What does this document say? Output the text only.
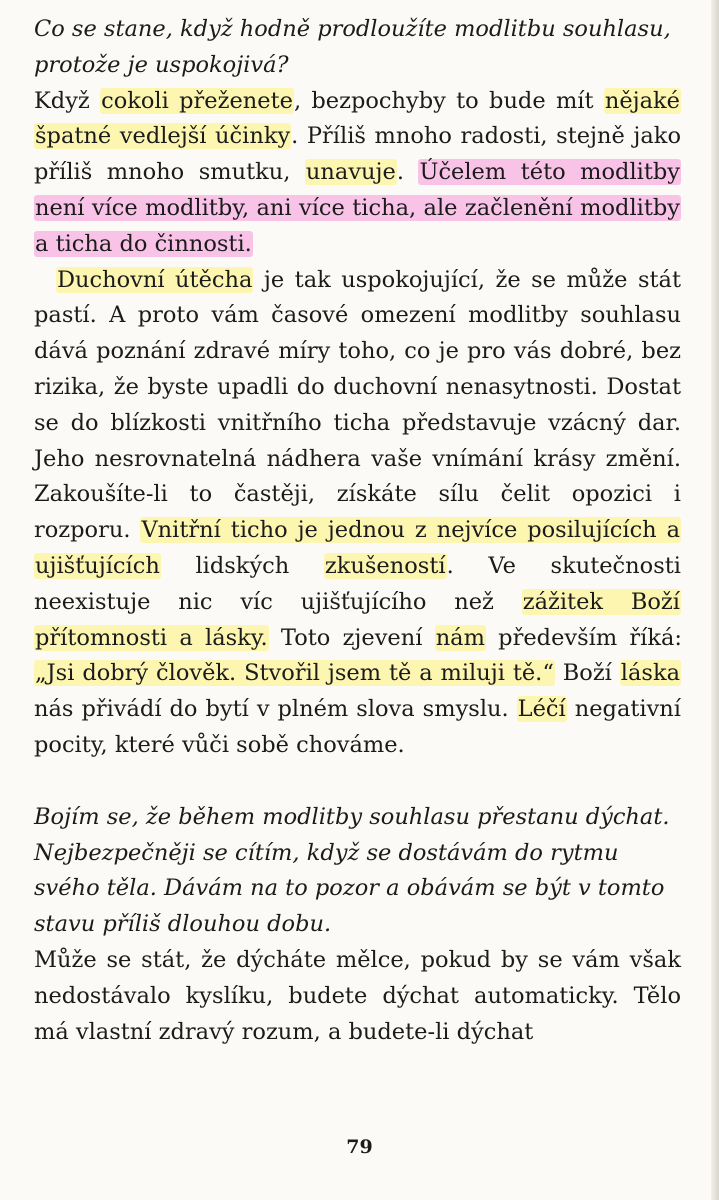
Co se stane, když hodně prodloužíte modlitbu souhlasu, protože je uspokojivá?

Když cokoli přeženete, bezpochyby to bude mít nějaké špatné vedlejší účinky. Příliš mnoho radosti, stejně jako příliš mnoho smutku, unavuje. Účelem této modlitby není více modlitby, ani více ticha, ale začlenění modlitby a ticha do činnosti.

Duchovní útěcha je tak uspokojující, že se může stát pastí. A proto vám časové omezení modlitby souhlasu dává poznání zdravé míry toho, co je pro vás dobré, bez rizika, že byste upadli do duchovní nenasytnosti. Dostat se do blízkosti vnitřního ticha představuje vzácný dar. Jeho nesrovnatelná nádhera vaše vnímání krásy změní. Zakoušíte-li to častěji, získáte sílu čelit opozici i rozporu. Vnitřní ticho je jednou z nejvíce posilujících a ujišťujících lidských zkušeností. Ve skutečnosti neexistuje nic víc ujišťujícího než zážitek Boží přítomnosti a lásky. Toto zjevení nám především říká: „Jsi dobrý člověk. Stvořil jsem tě a miluji tě.“ Boží láska nás přivádí do bytí v plném slova smyslu. Léčí negativní pocity, které vůči sobě chováme.

Bojím se, že během modlitby souhlasu přestanu dýchat. Nejbezpečněji se cítím, když se dostávám do rytmu svého těla. Dávám na to pozor a obávám se být v tomto stavu příliš dlouhou dobu.

Může se stát, že dýcháte mělce, pokud by se vám však nedostávalo kyslíku, budete dýchat automaticky. Tělo má vlastní zdravý rozum, a budete-li dýchat

79
